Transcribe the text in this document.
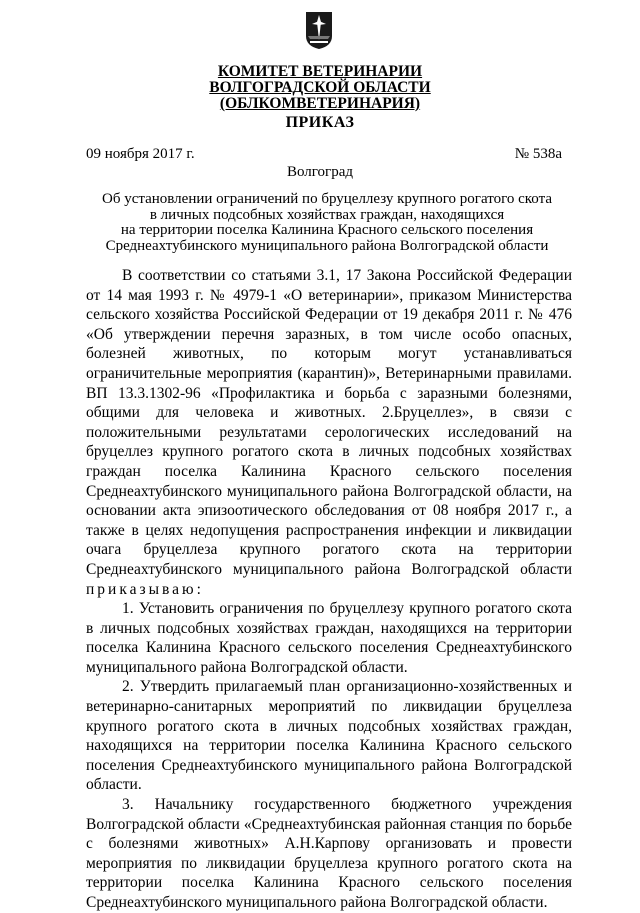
КОМИТЕТ ВЕТЕРИНАРИИ
ВОЛГОГРАДСКОЙ ОБЛАСТИ
(ОБЛКОМВЕТЕРИНАРИЯ)
ПРИКАЗ
09 ноября 2017 г.	№ 538а
Волгоград
Об установлении ограничений по бруцеллезу крупного рогатого скота
в личных подсобных хозяйствах граждан, находящихся
на территории поселка Калинина Красного сельского поселения
Среднеахтубинского муниципального района Волгоградской области

В соответствии со статьями 3.1, 17 Закона Российской Федерации от 14 мая 1993 г. № 4979-1 «О ветеринарии», приказом Министерства сельского хозяйства Российской Федерации от 19 декабря 2011 г. № 476 «Об утверждении перечня заразных, в том числе особо опасных, болезней животных, по которым могут устанавливаться ограничительные мероприятия (карантин)», Ветеринарными правилами. ВП 13.3.1302-96 «Профилактика и борьба с заразными болезнями, общими для человека и животных. 2.Бруцеллез», в связи с положительными результатами серологических исследований на бруцеллез крупного рогатого скота в личных подсобных хозяйствах граждан поселка Калинина Красного сельского поселения Среднеахтубинского муниципального района Волгоградской области, на основании акта эпизоотического обследования от 08 ноября 2017 г., а также в целях недопущения распространения инфекции и ликвидации очага бруцеллеза крупного рогатого скота на территории Среднеахтубинского муниципального района Волгоградской области приказываю:

1. Установить ограничения по бруцеллезу крупного рогатого скота в личных подсобных хозяйствах граждан, находящихся на территории поселка Калинина Красного сельского поселения Среднеахтубинского муниципального района Волгоградской области.

2. Утвердить прилагаемый план организационно-хозяйственных и ветеринарно-санитарных мероприятий по ликвидации бруцеллеза крупного рогатого скота в личных подсобных хозяйствах граждан, находящихся на территории поселка Калинина Красного сельского поселения Среднеахтубинского муниципального района Волгоградской области.

3. Начальнику государственного бюджетного учреждения Волгоградской области «Среднеахтубинская районная станция по борьбе с болезнями животных» А.Н.Карпову организовать и провести мероприятия по ликвидации бруцеллеза крупного рогатого скота на территории поселка Калинина Красного сельского поселения Среднеахтубинского муниципального района Волгоградской области.
